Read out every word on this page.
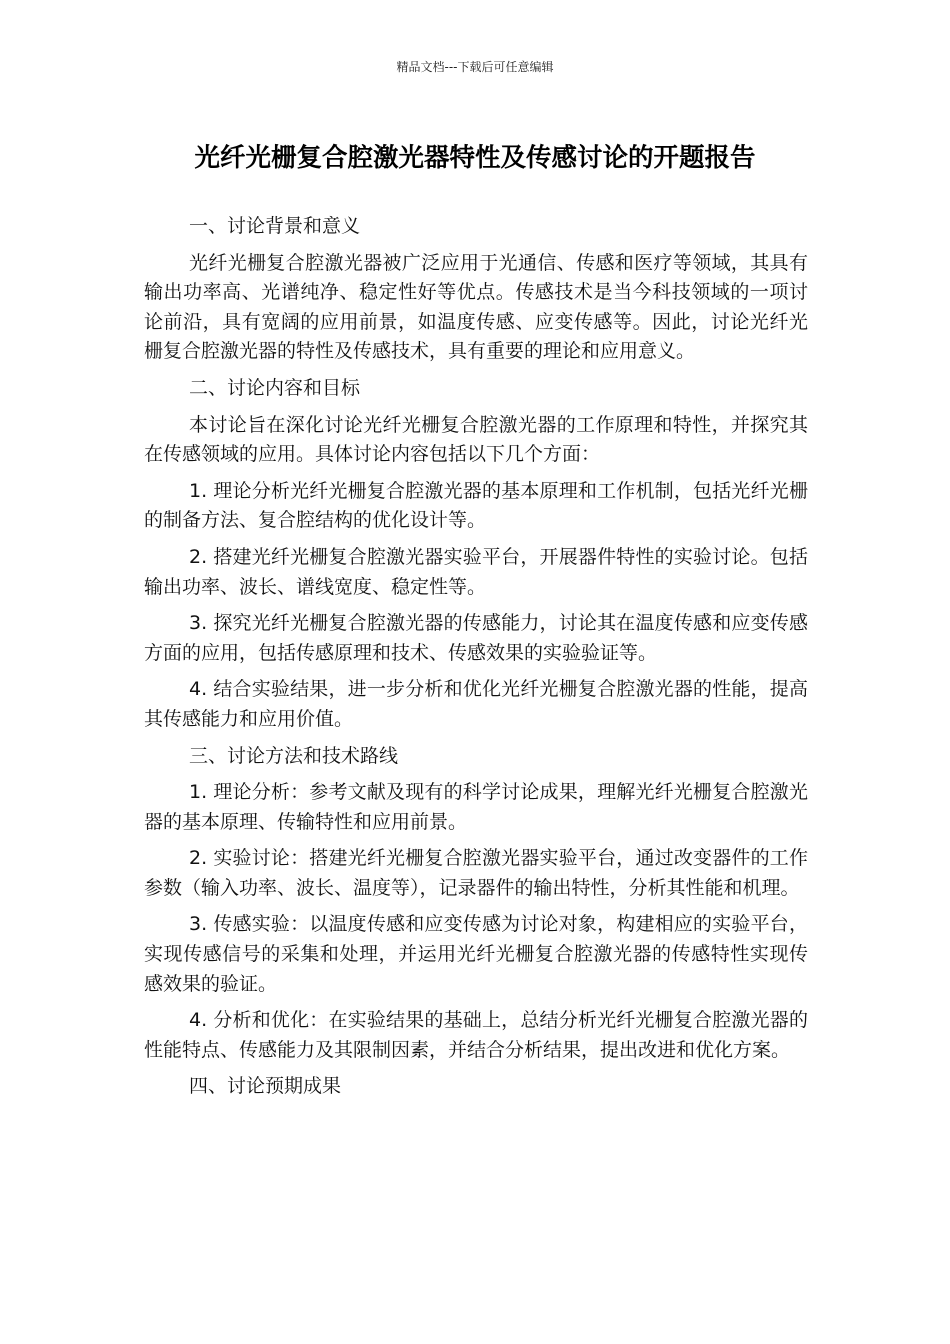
精品文档---下载后可任意编辑
光纤光栅复合腔激光器特性及传感讨论的开题报告

一、讨论背景和意义

光纤光栅复合腔激光器被广泛应用于光通信、传感和医疗等领域，其具有输出功率高、光谱纯净、稳定性好等优点。传感技术是当今科技领域的一项讨论前沿，具有宽阔的应用前景，如温度传感、应变传感等。因此，讨论光纤光栅复合腔激光器的特性及传感技术，具有重要的理论和应用意义。

二、讨论内容和目标

本讨论旨在深化讨论光纤光栅复合腔激光器的工作原理和特性，并探究其在传感领域的应用。具体讨论内容包括以下几个方面：

1. 理论分析光纤光栅复合腔激光器的基本原理和工作机制，包括光纤光栅的制备方法、复合腔结构的优化设计等。

2. 搭建光纤光栅复合腔激光器实验平台，开展器件特性的实验讨论。包括输出功率、波长、谱线宽度、稳定性等。

3. 探究光纤光栅复合腔激光器的传感能力，讨论其在温度传感和应变传感方面的应用，包括传感原理和技术、传感效果的实验验证等。

4. 结合实验结果，进一步分析和优化光纤光栅复合腔激光器的性能，提高其传感能力和应用价值。

三、讨论方法和技术路线

1. 理论分析：参考文献及现有的科学讨论成果，理解光纤光栅复合腔激光器的基本原理、传输特性和应用前景。

2. 实验讨论：搭建光纤光栅复合腔激光器实验平台，通过改变器件的工作参数（输入功率、波长、温度等），记录器件的输出特性，分析其性能和机理。

3. 传感实验：以温度传感和应变传感为讨论对象，构建相应的实验平台，实现传感信号的采集和处理，并运用光纤光栅复合腔激光器的传感特性实现传感效果的验证。

4. 分析和优化：在实验结果的基础上，总结分析光纤光栅复合腔激光器的性能特点、传感能力及其限制因素，并结合分析结果，提出改进和优化方案。

四、讨论预期成果
